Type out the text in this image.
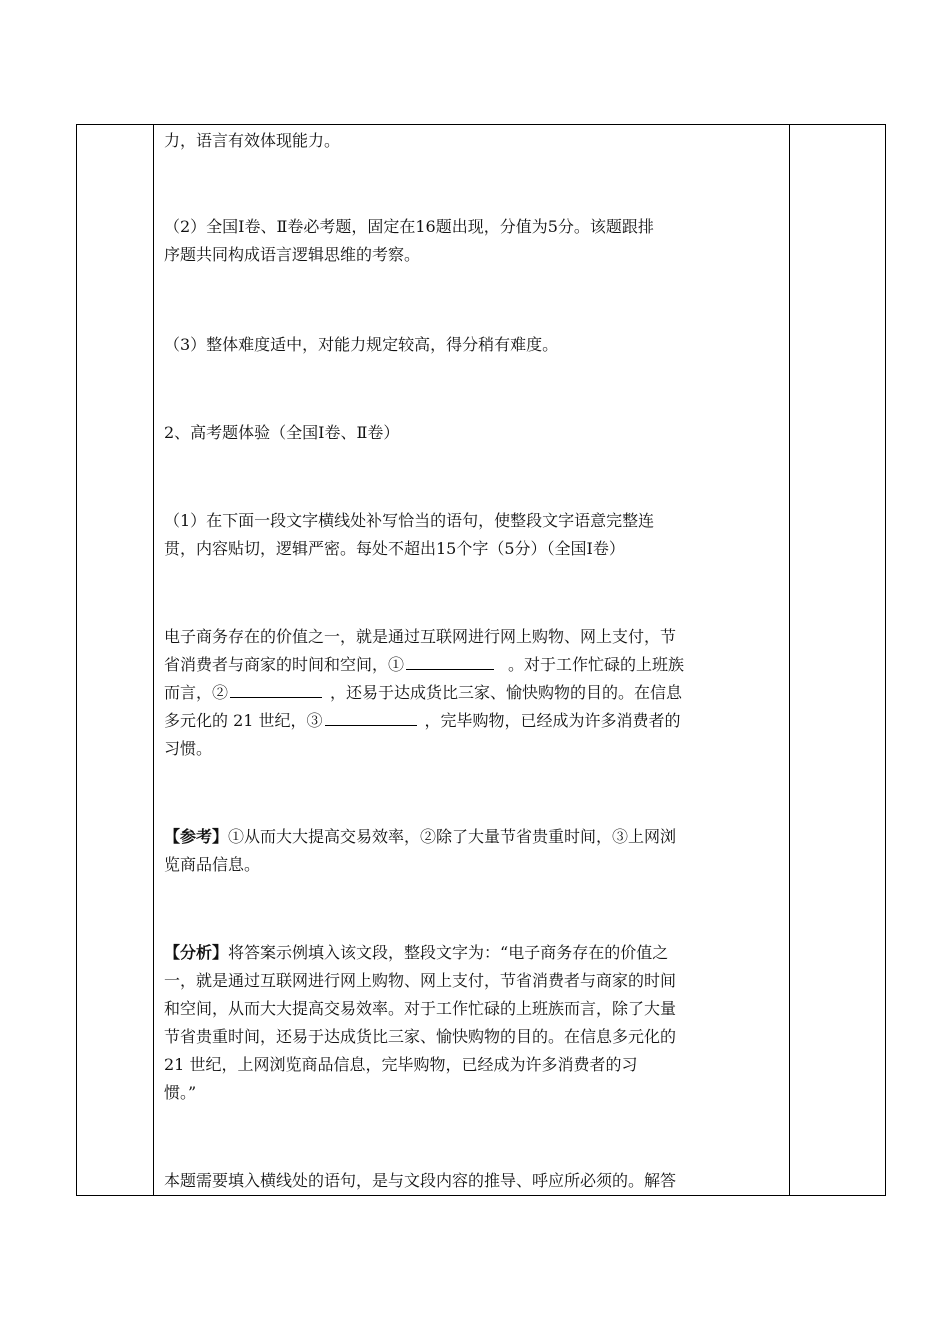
力，语言有效体现能力。
（2）全国Ⅰ卷、Ⅱ卷必考题，固定在16题出现，分值为5分。该题跟排
序题共同构成语言逻辑思维的考察。
（3）整体难度适中，对能力规定较高，得分稍有难度。
2、高考题体验（全国Ⅰ卷、Ⅱ卷）
（1）在下面一段文字横线处补写恰当的语句，使整段文字语意完整连
贯，内容贴切，逻辑严密。每处不超出15个字（5分）（全国Ⅰ卷）
电子商务存在的价值之一，就是通过互联网进行网上购物、网上支付，节
省消费者与商家的时间和空间，①	。对于工作忙碌的上班族
而言，②	，还易于达成货比三家、愉快购物的目的。在信息
多元化的 21 世纪，③	，完毕购物，已经成为许多消费者的
习惯。
【参考】①从而大大提高交易效率，②除了大量节省贵重时间，③上网浏
览商品信息。
【分析】将答案示例填入该文段，整段文字为：“电子商务存在的价值之
一，就是通过互联网进行网上购物、网上支付，节省消费者与商家的时间
和空间，从而大大提高交易效率。对于工作忙碌的上班族而言，除了大量
节省贵重时间，还易于达成货比三家、愉快购物的目的。在信息多元化的
21 世纪，上网浏览商品信息，完毕购物，已经成为许多消费者的习
惯。”
本题需要填入横线处的语句，是与文段内容的推导、呼应所必须的。解答
